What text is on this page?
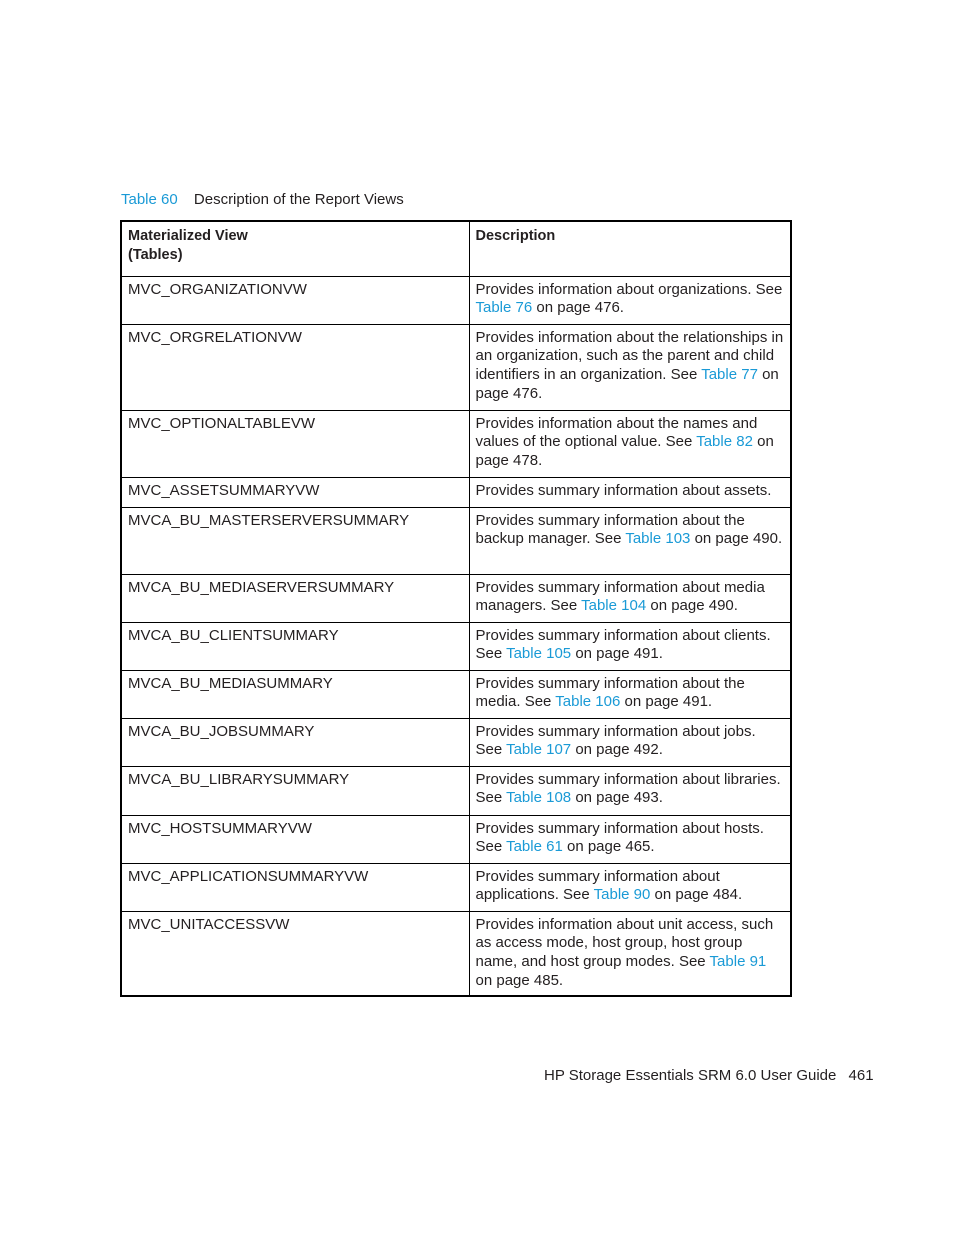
Table 60 Description of the Report Views
Materialized View
(Tables)	Description
MVC_ORGANIZATIONVW	Provides information about organizations. See Table 76 on page 476.
MVC_ORGRELATIONVW	Provides information about the relationships in an organization, such as the parent and child identifiers in an organization. See Table 77 on page 476.
MVC_OPTIONALTABLEVW	Provides information about the names and values of the optional value. See Table 82 on page 478.
MVC_ASSETSUMMARYVW	Provides summary information about assets.
MVCA_BU_MASTERSERVERSUMMARY	Provides summary information about the backup manager. See Table 103 on page 490.
MVCA_BU_MEDIASERVERSUMMARY	Provides summary information about media managers. See Table 104 on page 490.
MVCA_BU_CLIENTSUMMARY	Provides summary information about clients. See Table 105 on page 491.
MVCA_BU_MEDIASUMMARY	Provides summary information about the media. See Table 106 on page 491.
MVCA_BU_JOBSUMMARY	Provides summary information about jobs. See Table 107 on page 492.
MVCA_BU_LIBRARYSUMMARY	Provides summary information about libraries. See Table 108 on page 493.
MVC_HOSTSUMMARYVW	Provides summary information about hosts. See Table 61 on page 465.
MVC_APPLICATIONSUMMARYVW	Provides summary information about applications. See Table 90 on page 484.
MVC_UNITACCESSVW	Provides information about unit access, such as access mode, host group, host group name, and host group modes. See Table 91 on page 485.
HP Storage Essentials SRM 6.0 User Guide 461
